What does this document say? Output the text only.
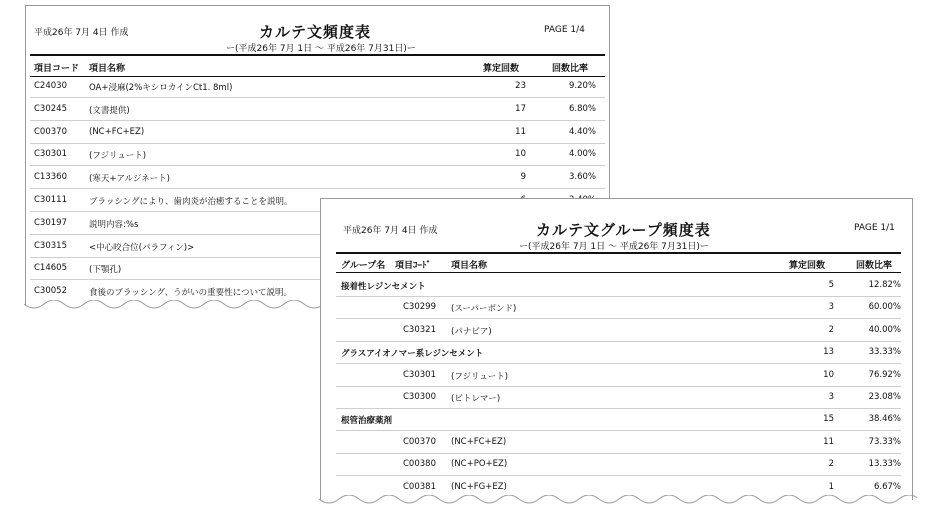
平成26年 7月 4日 作成	カルテ文頻度表
ー(平成26年 7月 1日 ～ 平成26年 7月31日)ー
PAGE 1/4
項目コード 項目名称	算定回数	回数比率
C24030	OA+浸麻(2%キシロカインCt1. 8ml)	23	9.20%
C30245	(文書提供)	17	6.80%
C00370	(NC+FC+EZ)	11	4.40%
C30301	(フジリュート)	10	4.00%
C13360	(寒天+アルジネート)	9	3.60%
C30111	ブラッシングにより、歯肉炎が治癒することを説明。
C30197	説明内容:%s
C30315	<中心咬合位(パラフィン)>
C14605	(下顎孔)
C30052	食後のブラッシング、うがいの重要性について説明。
平成26年 7月 4日 作成	カルテ文グループ頻度表
ー(平成26年 7月 1日 ～ 平成26年 7月31日)ー
PAGE 1/1
グループ名 項目ｺｰﾄﾞ 項目名称	算定回数	回数比率
接着性レジンセメント	5	12.82%
C30299 (スーパーボンド)	3	60.00%
C30321 (パナビア)	2	40.00%
グラスアイオノマー系レジンセメント	13	33.33%
C30301 (フジリュート)	10	76.92%
C30300 (ビトレマー)	3	23.08%
根管治療薬剤	15	38.46%
C00370 (NC+FC+EZ)	11	73.33%
C00380 (NC+PO+EZ)	2	13.33%
C00381 (NC+FG+EZ)	1	6.67%
